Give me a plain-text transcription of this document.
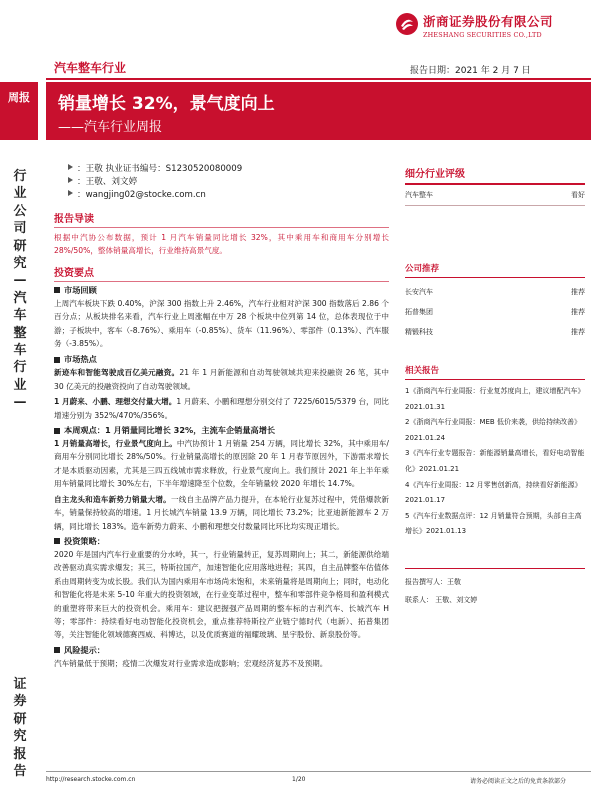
浙商证券股份有限公司
ZHESHANG SECURITIES CO.,LTD
汽车整车行业	报告日期：2021 年 2 月 7 日
周报	销量增长 32%，景气度向上
——汽车行业周报
行业公司研究—汽车整车行业—
证券研究报告
：王敬 执业证书编号：S1230520080009
：王敬、刘文婷
：wangjing02@stocke.com.cn
报告导读
根据中汽协公布数据，预计 1 月汽车销量同比增长 32%，其中乘用车和商用车分别增长 28%/50%，整体销量高增长，行业维持高景气度。
投资要点
市场回顾
上周汽车板块下跌 0.40%，沪深 300 指数上升 2.46%，汽车行业相对沪深 300 指数落后 2.86 个百分点；从板块排名来看，汽车行业上周涨幅在中万 28 个板块中位列第 14 位，总体表现位于中游；子板块中，客车（-8.76%）、乘用车（-0.85%）、货车（11.96%）、零部件（0.13%）、汽车服务（-3.85%）。
市场热点
新迹车和智能驾驶成百亿美元融资。21 年 1 月新能源和自动驾驶领域共迎来投融资 26 笔，其中 30 亿美元的投融资投向了自动驾驶领域。
1 月蔚来、小鹏、理想交付量大增。1 月蔚来、小鹏和理想分别交付了 7225/6015/5379 台，同比增速分别为 352%/470%/356%。
本周观点：1 月销量同比增长 32%，主流车企销量高增长
1 月销量高增长，行业景气度向上。中汽协预计 1 月销量 254 万辆，同比增长 32%，其中乘用车/商用车分别同比增长 28%/50%。行业销量高增长的原因除 20 年 1 月春节原因外，下游需求增长才是本质驱动因素，尤其是三四五线城市需求释放，行业景气度向上。我们预计 2021 年上半年乘用车销量同比增长 30%左右，下半年增速降至个位数，全年销量较 2020 年增长 14.7%。
自主龙头和造车新势力销量大增。一线自主品牌产品力提升，在本轮行业复苏过程中，凭借爆款新车，销量保持较高的增速。1 月长城汽车销量 13.9 万辆，同比增长 73.2%；比亚迪新能源车 2 万辆，同比增长 183%。造车新势力蔚来、小鹏和理想交付数量同比环比均实现正增长。
投资策略：
2020 年是国内汽车行业重要的分水岭，其一，行业销量转正，复苏周期向上；其二，新能源供给端改善驱动真实需求爆发；其三，特斯拉国产，加速智能化应用落地进程；其四，自主品牌整车估值体系由周期转变为成长股。我们认为国内乘用车市场尚未饱和，未来销量将是周期向上；同时，电动化和智能化将是未来 5-10 年重大的投资领域，在行业变革过程中，整车和零部件竞争格局和盈利模式的重塑将带来巨大的投资机会。乘用车：建议把握强产品周期的整车标的吉利汽车、长城汽车 H 等；零部件：持续看好电动智能化投资机会，重点推荐特斯拉产业链宁德时代（电新）、拓普集团等，关注智能化领域德赛西威、科博达，以及优质赛道的福耀玻璃、星宇股份、新泉股份等。
风险提示：
汽车销量低于预期；疫情二次爆发对行业需求造成影响；宏观经济复苏不及预期。
细分行业评级
汽车整车	看好
公司推荐
长安汽车	推荐
拓普集团	推荐
精锻科技	推荐
相关报告
1《浙商汽车行业周报：行业复苏度向上，建议增配汽车》2021.01.31
2《浙商汽车行业周报：MEB 低价来袭，供给持续改善》2021.01.24
3《汽车行业专题报告：新能源销量高增长，看好电动智能化》2021.01.21
4《汽车行业周报：12 月零售创新高，持续看好新能源》2021.01.17
5《汽车行业数据点评：12 月销量符合预期，头部自主高增长》2021.01.13
报告撰写人：王敬
联系人： 王敬、刘文婷
http://research.stocke.com.cn	1/20	请务必阅读正文之后的免责条款部分
